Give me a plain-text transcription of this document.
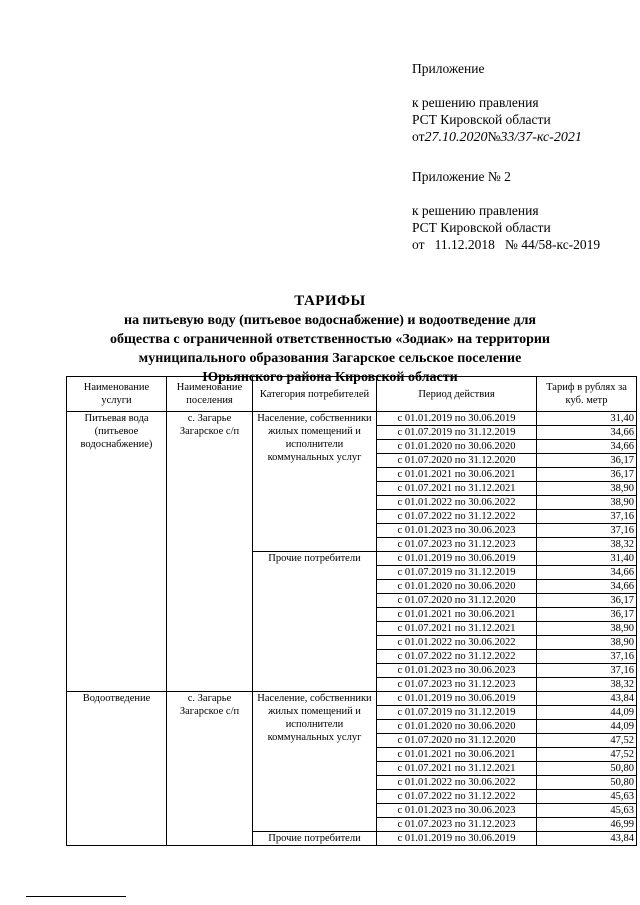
Приложение
к решению правления
РСТ Кировской области
от27.10.2020№33/37-кс-2021
Приложение № 2
к решению правления
РСТ Кировской области
от   11.12.2018   № 44/58-кс-2019
ТАРИФЫ
на питьевую воду (питьевое водоснабжение) и водоотведение для
общества с ограниченной ответственностью «Зодиак» на территории
муниципального образования Загарское сельское поселение
Юрьянского района Кировской области
Наименование услуги	Наименование поселения	Категория потребителей	Период действия	Тариф в рублях за куб. метр
Питьевая вода (питьевое водоснабжение)	с. Загарье Загарское с/п	Население, собственники жилых помещений и исполнители коммунальных услуг	с 01.01.2019 по 30.06.2019	31,40
			с 01.07.2019 по 31.12.2019	34,66
			с 01.01.2020 по 30.06.2020	34,66
			с 01.07.2020 по 31.12.2020	36,17
			с 01.01.2021 по 30.06.2021	36,17
			с 01.07.2021 по 31.12.2021	38,90
			с 01.01.2022 по 30.06.2022	38,90
			с 01.07.2022 по 31.12.2022	37,16
			с 01.01.2023 по 30.06.2023	37,16
			с 01.07.2023 по 31.12.2023	38,32
		Прочие потребители	с 01.01.2019 по 30.06.2019	31,40
			с 01.07.2019 по 31.12.2019	34,66
			с 01.01.2020 по 30.06.2020	34,66
			с 01.07.2020 по 31.12.2020	36,17
			с 01.01.2021 по 30.06.2021	36,17
			с 01.07.2021 по 31.12.2021	38,90
			с 01.01.2022 по 30.06.2022	38,90
			с 01.07.2022 по 31.12.2022	37,16
			с 01.01.2023 по 30.06.2023	37,16
			с 01.07.2023 по 31.12.2023	38,32
Водоотведение	с. Загарье Загарское с/п	Население, собственники жилых помещений и исполнители коммунальных услуг	с 01.01.2019 по 30.06.2019	43,84
			с 01.07.2019 по 31.12.2019	44,09
			с 01.01.2020 по 30.06.2020	44,09
			с 01.07.2020 по 31.12.2020	47,52
			с 01.01.2021 по 30.06.2021	47,52
			с 01.07.2021 по 31.12.2021	50,80
			с 01.01.2022 по 30.06.2022	50,80
			с 01.07.2022 по 31.12.2022	45,63
			с 01.01.2023 по 30.06.2023	45,63
			с 01.07.2023 по 31.12.2023	46,99
		Прочие потребители	с 01.01.2019 по 30.06.2019	43,84
